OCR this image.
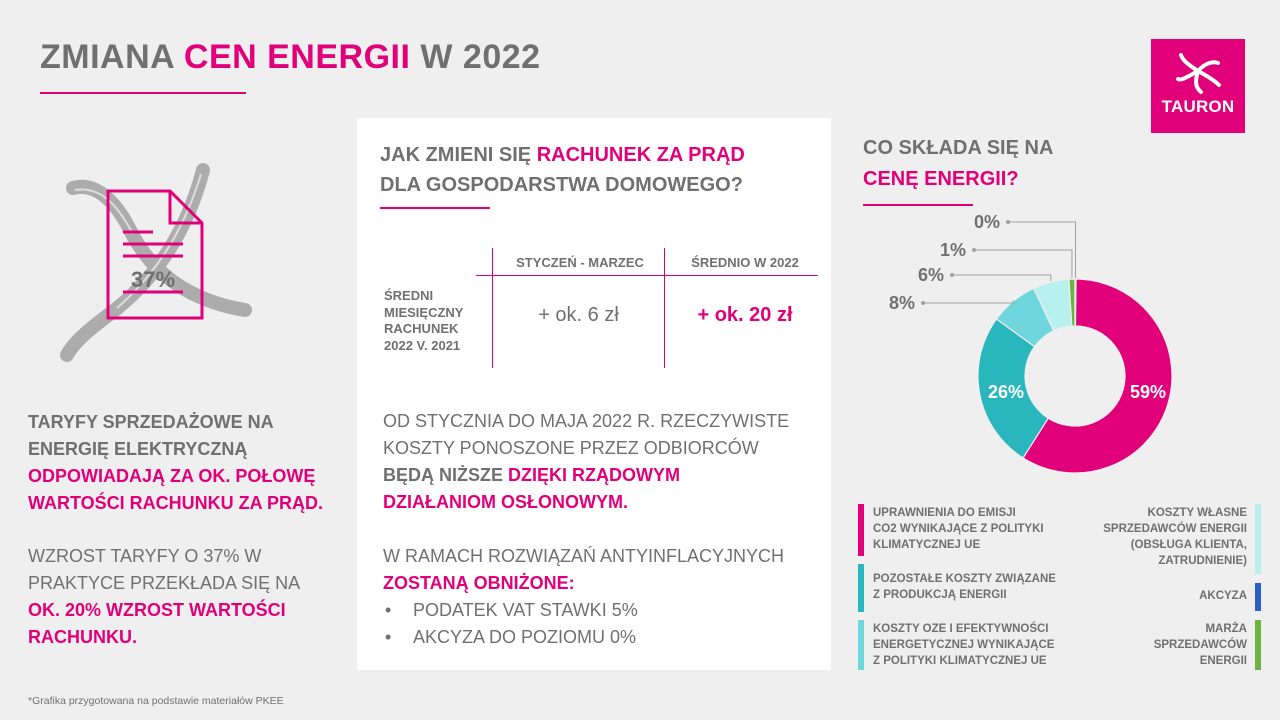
ZMIANA CEN ENERGII W 2022
TAURON
37%
TARYFY SPRZEDAŻOWE NA
ENERGIĘ ELEKTRYCZNĄ
ODPOWIADAJĄ ZA OK. POŁOWĘ
WARTOŚCI RACHUNKU ZA PRĄD.
WZROST TARYFY O 37% W
PRAKTYCE PRZEKŁADA SIĘ NA
OK. 20% WZROST WARTOŚCI
RACHUNKU.
JAK ZMIENI SIĘ RACHUNEK ZA PRĄD
DLA GOSPODARSTWA DOMOWEGO?
STYCZEŃ - MARZEC	ŚREDNIO W 2022
ŚREDNI
MIESIĘCZNY
RACHUNEK
2022 V. 2021
+ ok. 6 zł	+ ok. 20 zł
OD STYCZNIA DO MAJA 2022 R. RZECZYWISTE
KOSZTY PONOSZONE PRZEZ ODBIORCÓW
BĘDĄ NIŻSZE DZIĘKI RZĄDOWYM
DZIAŁANIOM OSŁONOWYM.
W RAMACH ROZWIĄZAŃ ANTYINFLACYJNYCH
ZOSTANĄ OBNIŻONE:
• PODATEK VAT STAWKI 5%
• AKCYZA DO POZIOMU 0%
CO SKŁADA SIĘ NA
CENĘ ENERGII?
59%
26%
8%
6%
1%
0%
UPRAWNIENIA DO EMISJI
CO2 WYNIKAJĄCE Z POLITYKI
KLIMATYCZNEJ UE
POZOSTAŁE KOSZTY ZWIĄZANE
Z PRODUKCJĄ ENERGII
KOSZTY OZE I EFEKTYWNOŚCI
ENERGETYCZNEJ WYNIKAJĄCE
Z POLITYKI KLIMATYCZNEJ UE
KOSZTY WŁASNE
SPRZEDAWCÓW ENERGII
(OBSŁUGA KLIENTA,
ZATRUDNIENIE)
AKCYZA
MARŻA
SPRZEDAWCÓW
ENERGII
*Grafika przygotowana na podstawie materiałów PKEE
